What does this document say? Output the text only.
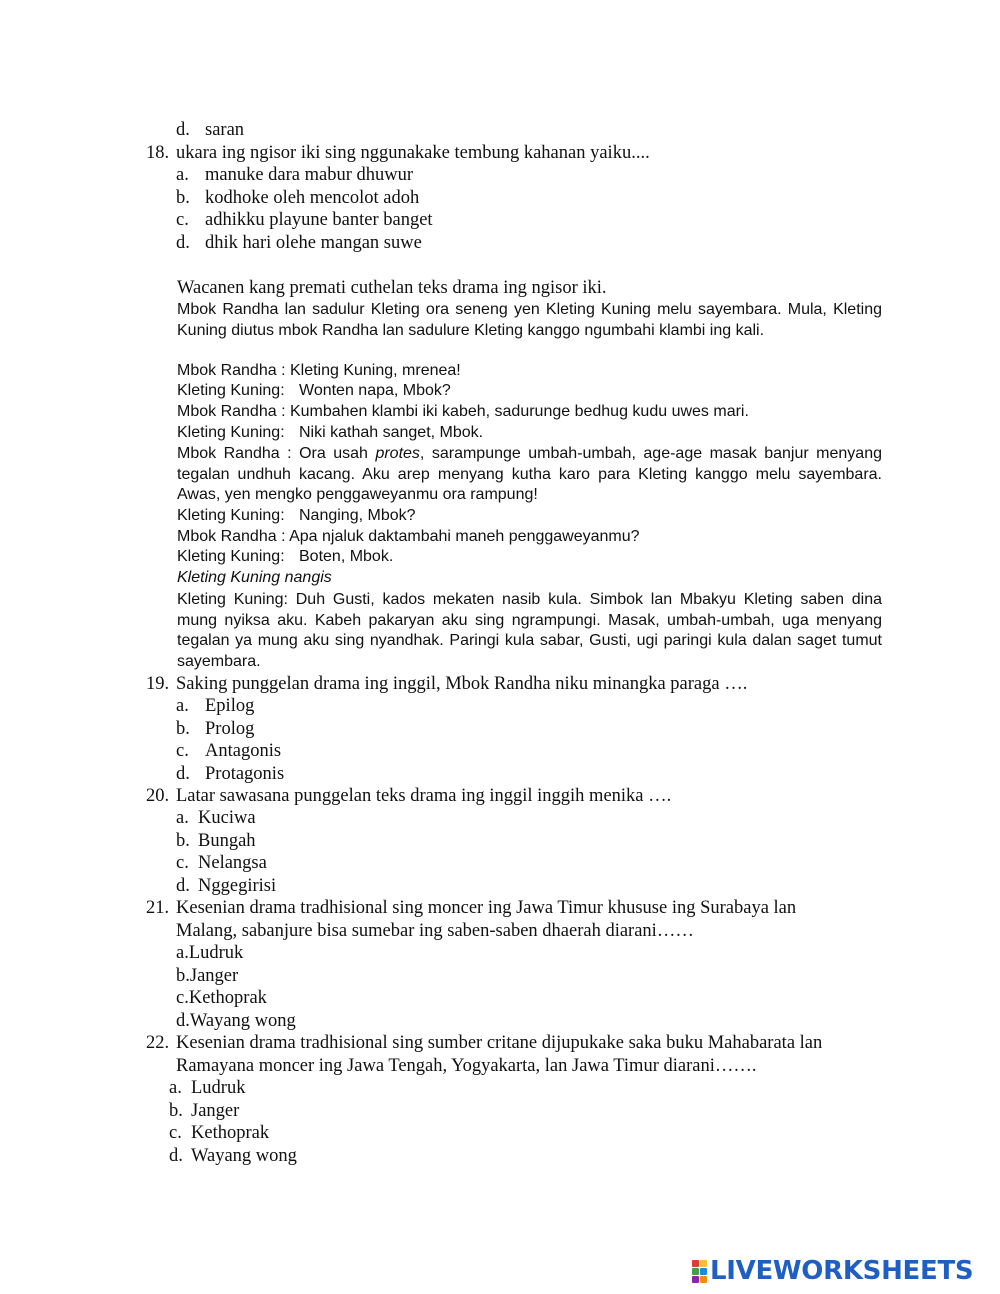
d. saran
18. ukara ing ngisor iki sing nggunakake tembung kahanan yaiku....
a. manuke dara mabur dhuwur
b. kodhoke oleh mencolot adoh
c. adhikku playune banter banget
d. dhik hari olehe mangan suwe
Wacanen kang premati cuthelan teks drama ing ngisor iki.
Mbok Randha lan sadulur Kleting ora seneng yen Kleting Kuning melu sayembara. Mula, Kleting Kuning diutus mbok Randha lan sadulure Kleting kanggo ngumbahi klambi ing kali.
Mbok Randha : Kleting Kuning, mrenea!
Kleting Kuning: Wonten napa, Mbok?
Mbok Randha : Kumbahen klambi iki kabeh, sadurunge bedhug kudu uwes mari.
Kleting Kuning: Niki kathah sanget, Mbok.
Mbok Randha : Ora usah protes, sarampunge umbah-umbah, age-age masak banjur menyang tegalan undhuh kacang. Aku arep menyang kutha karo para Kleting kanggo melu sayembara. Awas, yen mengko penggaweyanmu ora rampung!
Kleting Kuning: Nanging, Mbok?
Mbok Randha : Apa njaluk daktambahi maneh penggaweyanmu?
Kleting Kuning: Boten, Mbok.
Kleting Kuning nangis
Kleting Kuning: Duh Gusti, kados mekaten nasib kula. Simbok lan Mbakyu Kleting saben dina mung nyiksa aku. Kabeh pakaryan aku sing ngrampungi. Masak, umbah-umbah, uga menyang tegalan ya mung aku sing nyandhak. Paringi kula sabar, Gusti, ugi paringi kula dalan saget tumut sayembara.
19. Saking punggelan drama ing inggil, Mbok Randha niku minangka paraga ….
a. Epilog
b. Prolog
c. Antagonis
d. Protagonis
20. Latar sawasana punggelan teks drama ing inggil inggih menika ….
a. Kuciwa
b. Bungah
c. Nelangsa
d. Nggegirisi
21. Kesenian drama tradhisional sing moncer ing Jawa Timur khususe ing Surabaya lan
Malang, sabanjure bisa sumebar ing saben-saben dhaerah diarani……
a.Ludruk
b.Janger
c.Kethoprak
d.Wayang wong
22. Kesenian drama tradhisional sing sumber critane dijupukake saka buku Mahabarata lan
Ramayana moncer ing Jawa Tengah, Yogyakarta, lan Jawa Timur diarani…….
a. Ludruk
b. Janger
c. Kethoprak
d. Wayang wong
LIVEWORKSHEETS
